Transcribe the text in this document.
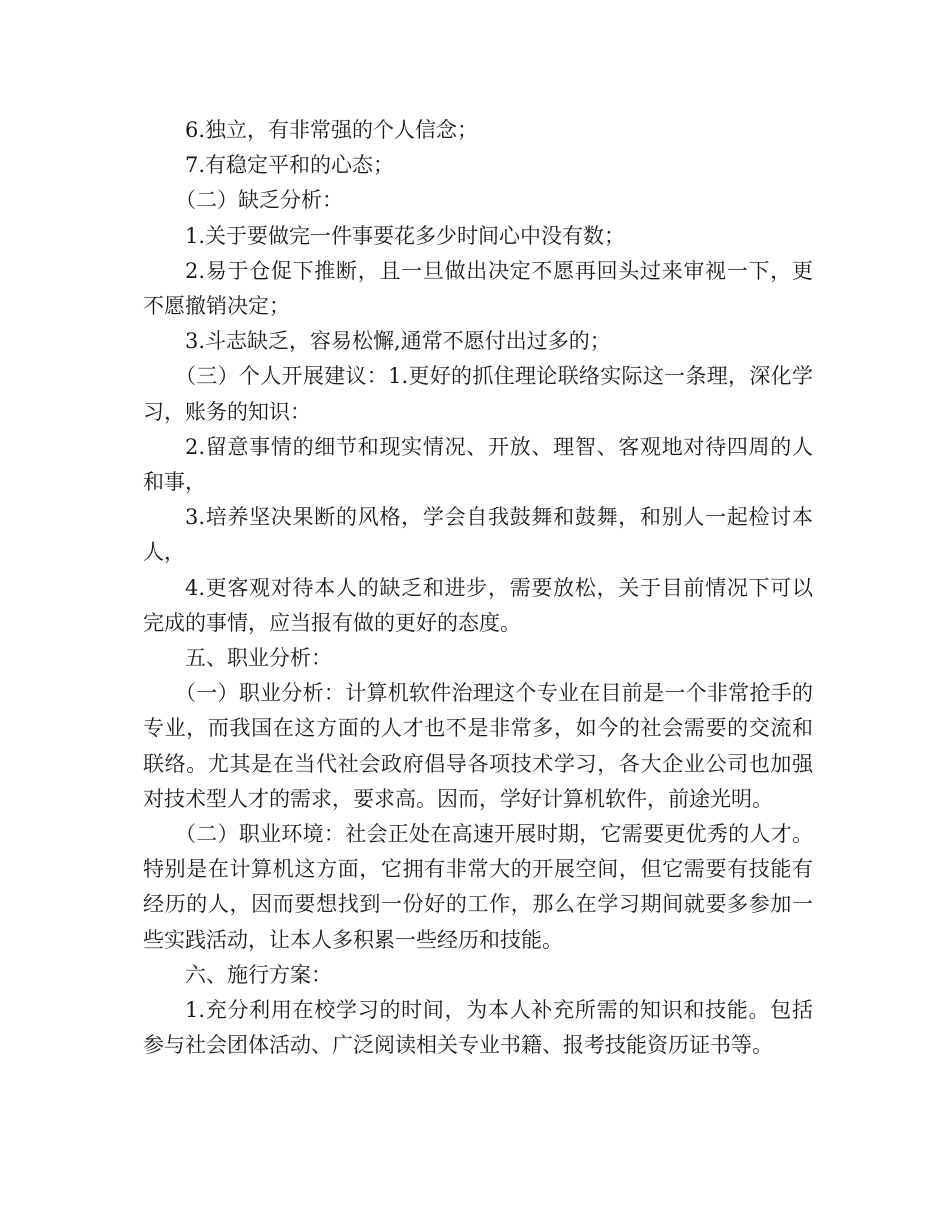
6.独立，有非常强的个人信念；

7.有稳定平和的心态；

（二）缺乏分析：

1.关于要做完一件事要花多少时间心中没有数；

2.易于仓促下推断，且一旦做出决定不愿再回头过来审视一下，更不愿撤销决定；

3.斗志缺乏，容易松懈,通常不愿付出过多的；

（三）个人开展建议：1.更好的抓住理论联络实际这一条理，深化学习，账务的知识：

2.留意事情的细节和现实情况、开放、理智、客观地对待四周的人和事，

3.培养坚决果断的风格，学会自我鼓舞和鼓舞，和别人一起检讨本人，

4.更客观对待本人的缺乏和进步，需要放松，关于目前情况下可以完成的事情，应当报有做的更好的态度。

五、职业分析：

（一）职业分析：计算机软件治理这个专业在目前是一个非常抢手的专业，而我国在这方面的人才也不是非常多，如今的社会需要的交流和联络。尤其是在当代社会政府倡导各项技术学习，各大企业公司也加强对技术型人才的需求，要求高。因而，学好计算机软件，前途光明。

（二）职业环境：社会正处在高速开展时期，它需要更优秀的人才。特别是在计算机这方面，它拥有非常大的开展空间，但它需要有技能有经历的人，因而要想找到一份好的工作，那么在学习期间就要多参加一些实践活动，让本人多积累一些经历和技能。

六、施行方案：

1.充分利用在校学习的时间，为本人补充所需的知识和技能。包括参与社会团体活动、广泛阅读相关专业书籍、报考技能资历证书等。
